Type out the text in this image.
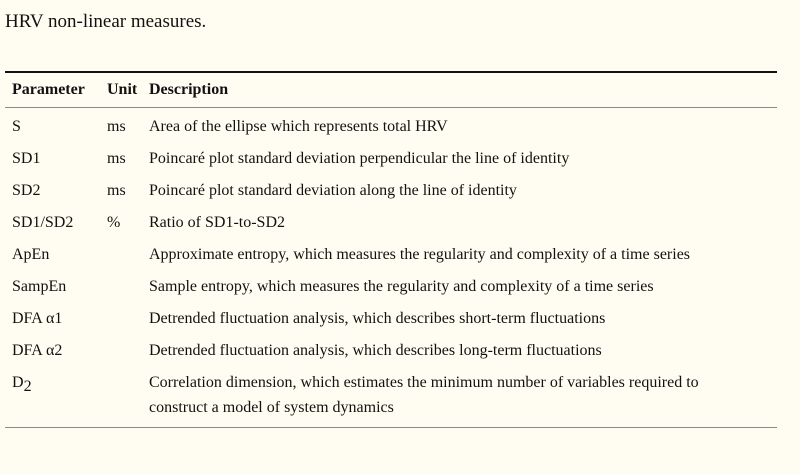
HRV non-linear measures.
Parameter	Unit	Description
S	ms	Area of the ellipse which represents total HRV
SD1	ms	Poincaré plot standard deviation perpendicular the line of identity
SD2	ms	Poincaré plot standard deviation along the line of identity
SD1/SD2	%	Ratio of SD1-to-SD2
ApEn		Approximate entropy, which measures the regularity and complexity of a time series
SampEn		Sample entropy, which measures the regularity and complexity of a time series
DFA α1		Detrended fluctuation analysis, which describes short-term fluctuations
DFA α2		Detrended fluctuation analysis, which describes long-term fluctuations
$D_2$		Correlation dimension, which estimates the minimum number of variables required to construct a model of system dynamics
